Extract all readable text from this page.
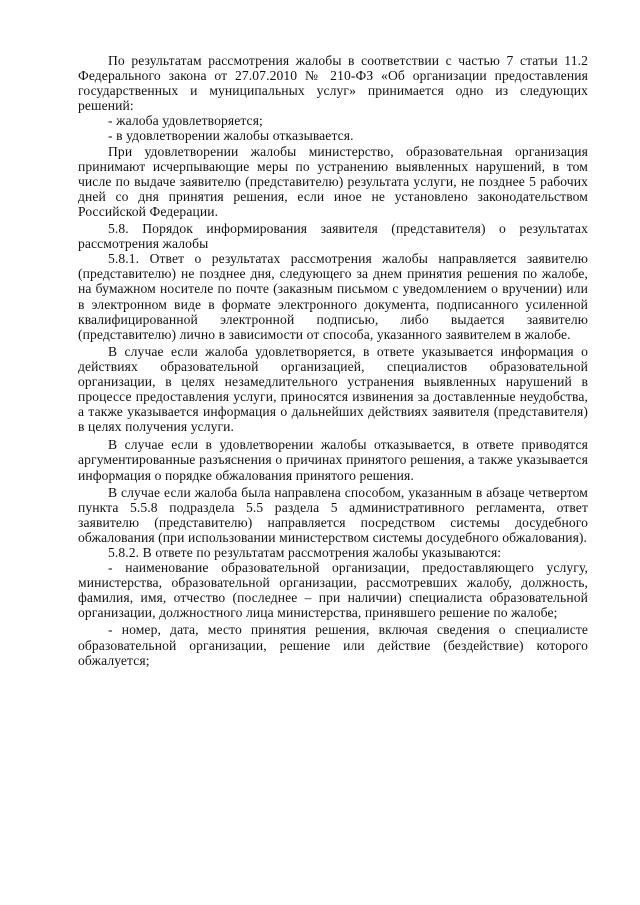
По результатам рассмотрения жалобы в соответствии с частью 7 статьи 11.2 Федерального закона от 27.07.2010 № 210-ФЗ «Об организации предоставления государственных и муниципальных услуг» принимается одно из следующих решений:

- жалоба удовлетворяется;

- в удовлетворении жалобы отказывается.

При удовлетворении жалобы министерство, образовательная организация принимают исчерпывающие меры по устранению выявленных нарушений, в том числе по выдаче заявителю (представителю) результата услуги, не позднее 5 рабочих дней со дня принятия решения, если иное не установлено законодательством Российской Федерации.

5.8. Порядок информирования заявителя (представителя) о результатах рассмотрения жалобы

5.8.1. Ответ о результатах рассмотрения жалобы направляется заявителю (представителю) не позднее дня, следующего за днем принятия решения по жалобе, на бумажном носителе по почте (заказным письмом с уведомлением о вручении) или в электронном виде в формате электронного документа, подписанного усиленной квалифицированной электронной подписью, либо выдается заявителю (представителю) лично в зависимости от способа, указанного заявителем в жалобе.

В случае если жалоба удовлетворяется, в ответе указывается информация о действиях образовательной организацией, специалистов образовательной организации, в целях незамедлительного устранения выявленных нарушений в процессе предоставления услуги, приносятся извинения за доставленные неудобства, а также указывается информация о дальнейших действиях заявителя (представителя) в целях получения услуги.

В случае если в удовлетворении жалобы отказывается, в ответе приводятся аргументированные разъяснения о причинах принятого решения, а также указывается информация о порядке обжалования принятого решения.

В случае если жалоба была направлена способом, указанным в абзаце четвертом пункта 5.5.8 подраздела 5.5 раздела 5 административного регламента, ответ заявителю (представителю) направляется посредством системы досудебного обжалования (при использовании министерством системы досудебного обжалования).

5.8.2. В ответе по результатам рассмотрения жалобы указываются:

- наименование образовательной организации, предоставляющего услугу, министерства, образовательной организации, рассмотревших жалобу, должность, фамилия, имя, отчество (последнее – при наличии) специалиста образовательной организации, должностного лица министерства, принявшего решение по жалобе;

- номер, дата, место принятия решения, включая сведения о специалисте образовательной организации, решение или действие (бездействие) которого обжалуется;
